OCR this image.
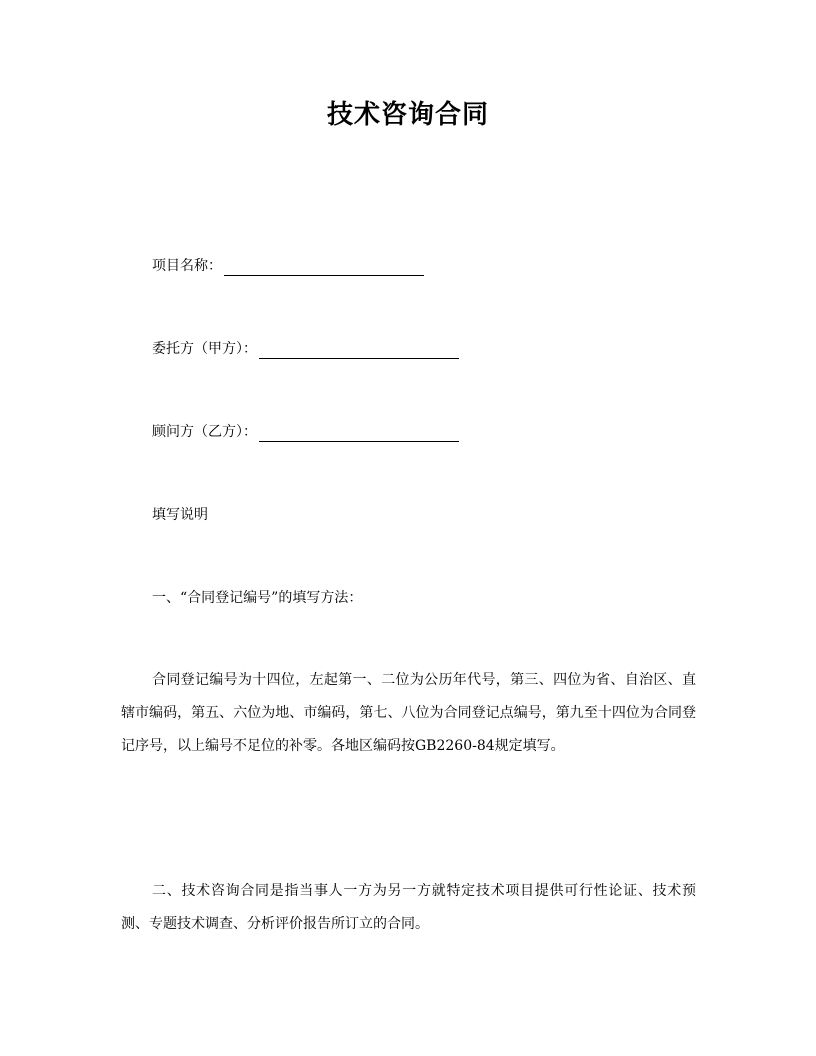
技术咨询合同
项目名称：
委托方（甲方）：
顾问方（乙方）：
填写说明
一、“合同登记编号”的填写方法：

合同登记编号为十四位，左起第一、二位为公历年代号，第三、四位为省、自治区、直辖市编码，第五、六位为地、市编码，第七、八位为合同登记点编号，第九至十四位为合同登记序号，以上编号不足位的补零。各地区编码按GB2260-84规定填写。

二、技术咨询合同是指当事人一方为另一方就特定技术项目提供可行性论证、技术预测、专题技术调查、分析评价报告所订立的合同。
